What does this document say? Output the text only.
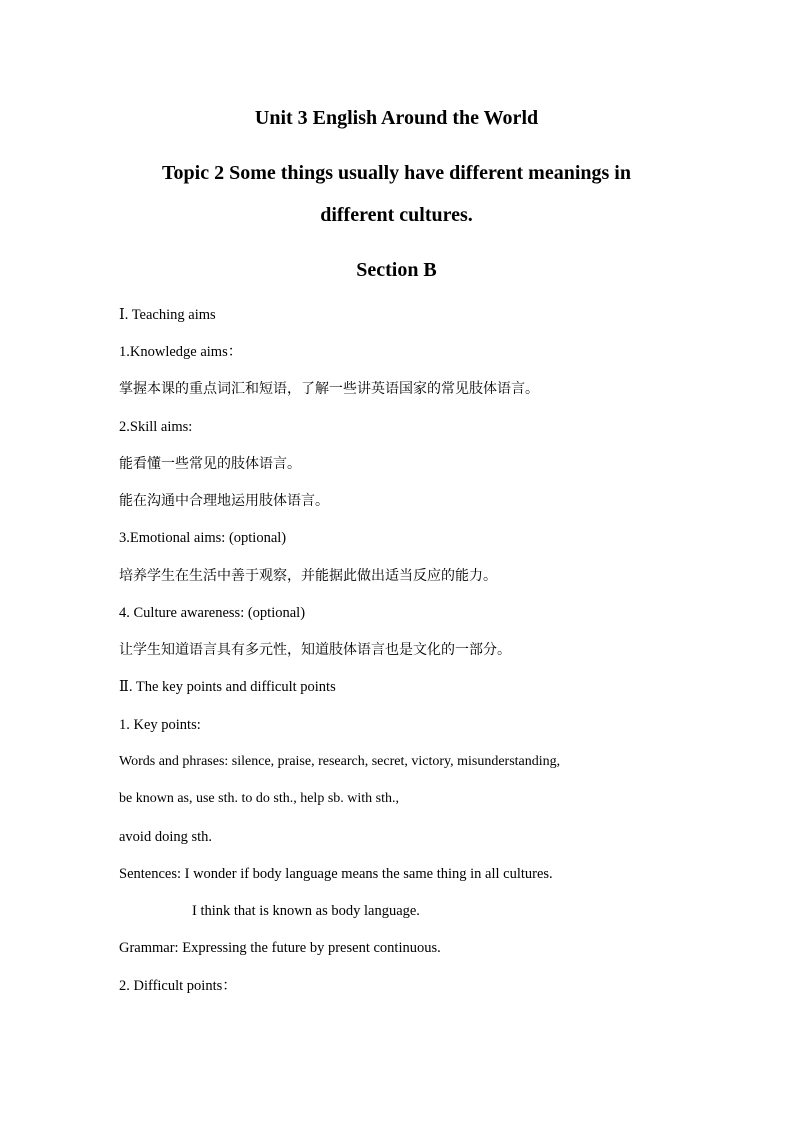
Unit 3 English Around the World
Topic 2 Some things usually have different meanings in
different cultures.
Section B
Ⅰ. Teaching aims
1.Knowledge aims：
掌握本课的重点词汇和短语，了解一些讲英语国家的常见肢体语言。
2.Skill aims:
能看懂一些常见的肢体语言。
能在沟通中合理地运用肢体语言。
3.Emotional aims: (optional)
培养学生在生活中善于观察，并能据此做出适当反应的能力。
4. Culture awareness: (optional)
让学生知道语言具有多元性，知道肢体语言也是文化的一部分。
Ⅱ. The key points and difficult points
1. Key points:
Words and phrases: silence, praise, research, secret, victory, misunderstanding,
be known as, use sth. to do sth., help sb. with sth.,
avoid doing sth.
Sentences: I wonder if body language means the same thing in all cultures.
I think that is known as body language.
Grammar: Expressing the future by present continuous.
2. Difficult points：
